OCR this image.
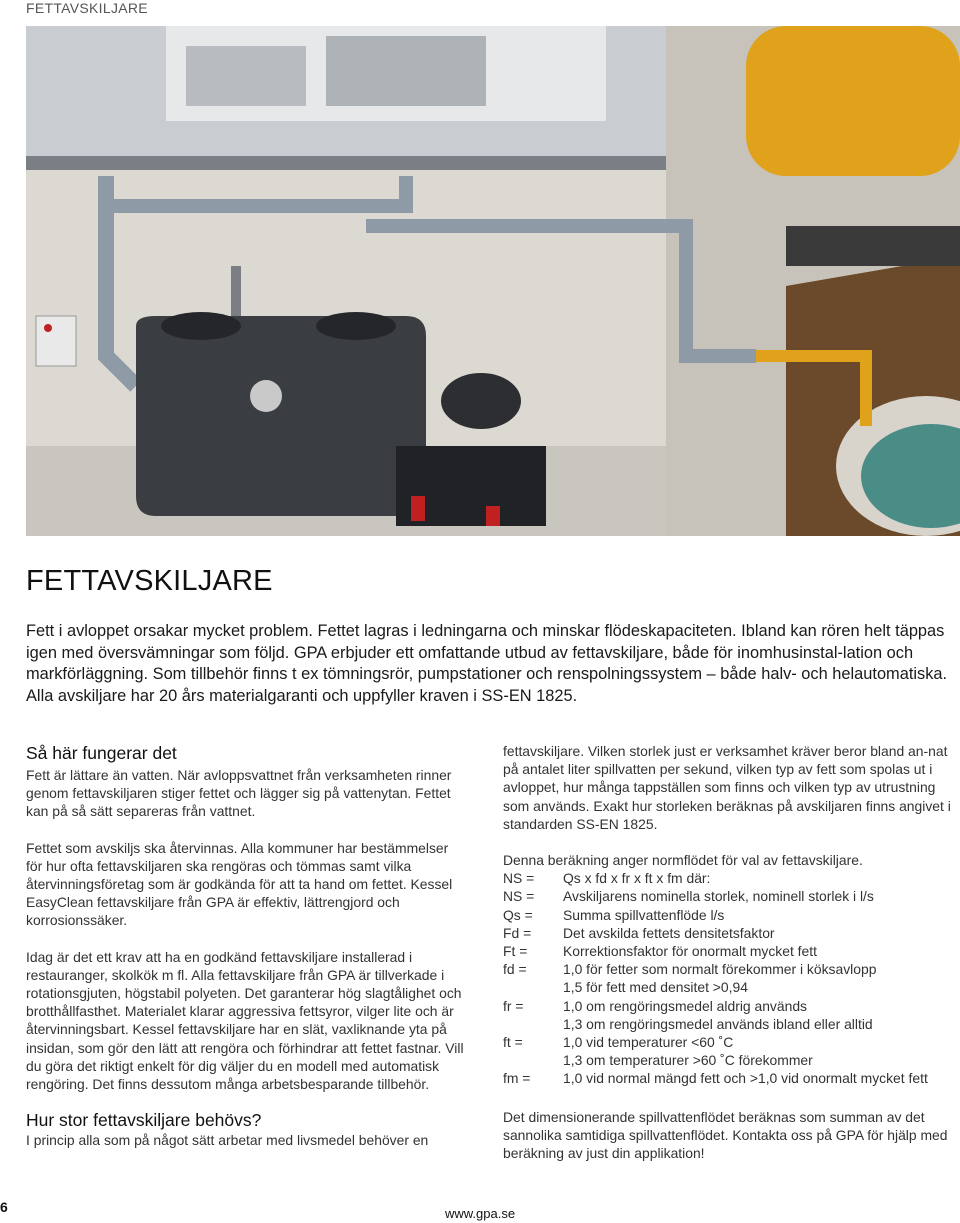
FETTAVSKILJARE
FETTAVSKILJARE

Fett i avloppet orsakar mycket problem. Fettet lagras i ledningarna och minskar flödeskapaciteten. Ibland kan rören helt täppas igen med översvämningar som följd. GPA erbjuder ett omfattande utbud av fettavskiljare, både för inomhusinstal-lation och markförläggning. Som tillbehör finns t ex tömningsrör, pumpstationer och renspolningssystem – både halv- och helautomatiska. Alla avskiljare har 20 års materialgaranti och uppfyller kraven i SS-EN 1825.

Så här fungerar det

Fett är lättare än vatten. När avloppsvattnet från verksamheten rinner genom fettavskiljaren stiger fettet och lägger sig på vattenytan. Fettet kan på så sätt separeras från vattnet.

Fettet som avskiljs ska återvinnas. Alla kommuner har bestämmelser för hur ofta fettavskiljaren ska rengöras och tömmas samt vilka återvinningsföretag som är godkända för att ta hand om fettet. Kessel EasyClean fettavskiljare från GPA är effektiv, lättrengjord och korrosionssäker.

Idag är det ett krav att ha en godkänd fettavskiljare installerad i restauranger, skolkök m fl. Alla fettavskiljare från GPA är tillverkade i rotationsgjuten, högstabil polyeten. Det garanterar hög slagtålighet och brotthållfasthet. Materialet klarar aggressiva fettsyror, vilger lite och är återvinningsbart. Kessel fettavskiljare har en slät, vaxliknande yta på insidan, som gör den lätt att rengöra och förhindrar att fettet fastnar. Vill du göra det riktigt enkelt för dig väljer du en modell med automatisk rengöring. Det finns dessutom många arbetsbesparande tillbehör.

Hur stor fettavskiljare behövs?

I princip alla som på något sätt arbetar med livsmedel behöver en

fettavskiljare. Vilken storlek just er verksamhet kräver beror bland an-nat på antalet liter spillvatten per sekund, vilken typ av fett som spolas ut i avloppet, hur många tappställen som finns och vilken typ av utrustning som används. Exakt hur storleken beräknas på avskiljaren finns angivet i standarden SS-EN 1825.

Denna beräkning anger normflödet för val av fettavskiljare.

NS =	Qs x fd x fr x ft x fm där:
NS =	Avskiljarens nominella storlek, nominell storlek i l/s
Qs =	Summa spillvattenflöde l/s
Fd =	Det avskilda fettets densitetsfaktor
Ft =	Korrektionsfaktor för onormalt mycket fett
fd =	1,0 för fetter som normalt förekommer i köksavlopp
	1,5 för fett med densitet >0,94
fr =	1,0 om rengöringsmedel aldrig används
	1,3 om rengöringsmedel används ibland eller alltid
ft =	1,0 vid temperaturer <60 ˚C
	1,3 om temperaturer >60 ˚C förekommer
fm =	1,0 vid normal mängd fett och >1,0 vid onormalt mycket fett

Det dimensionerande spillvattenflödet beräknas som summan av det sannolika samtidiga spillvattenflödet. Kontakta oss på GPA för hjälp med beräkning av just din applikation!

6	www.gpa.se
